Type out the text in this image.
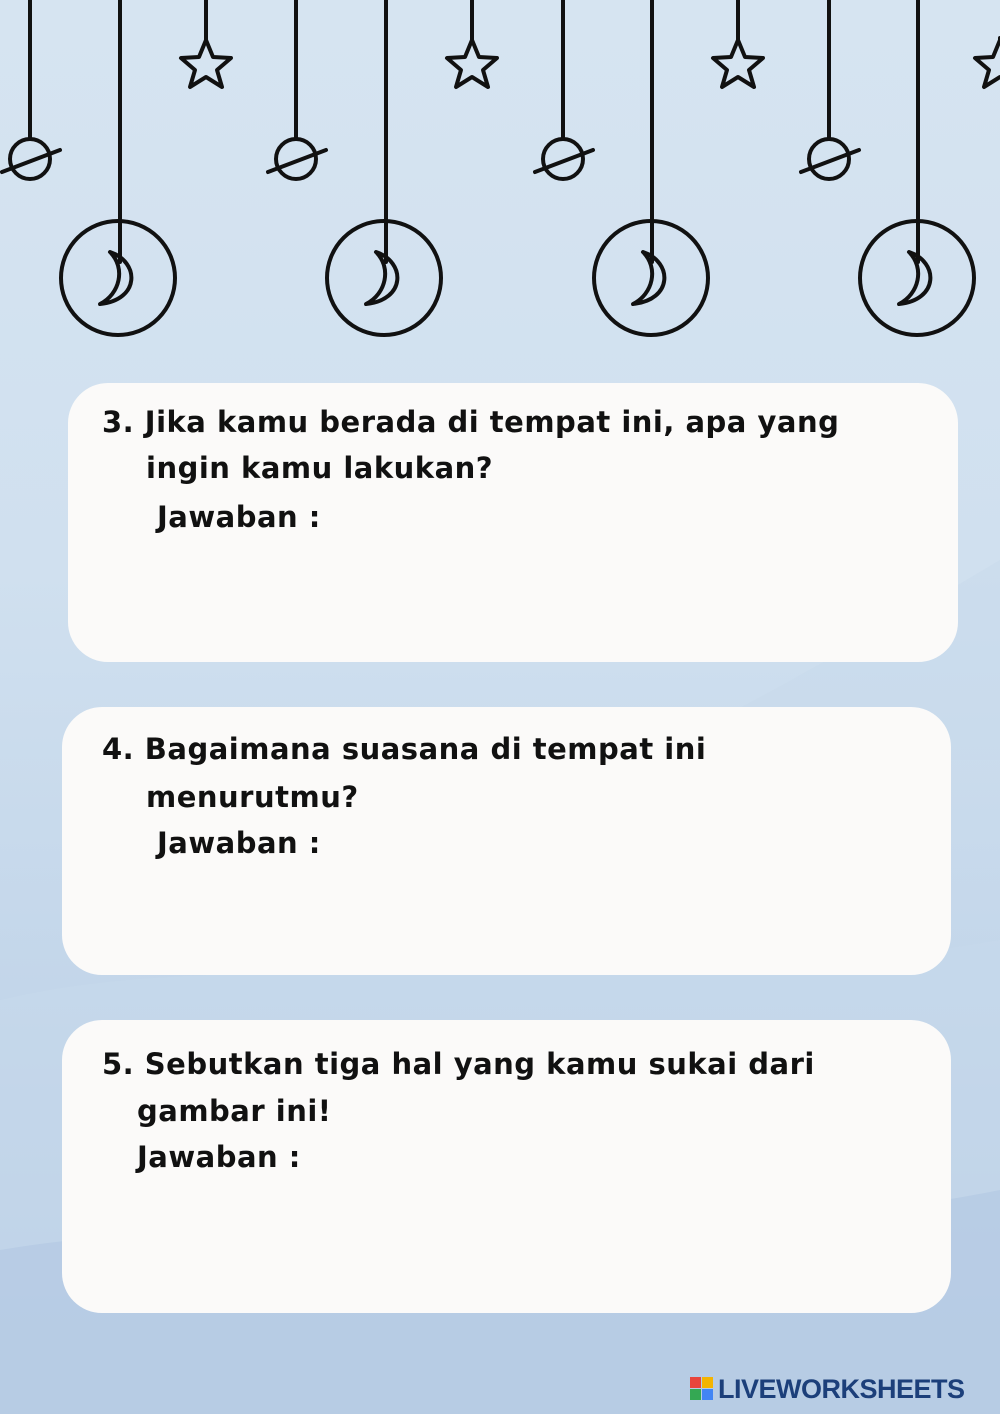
3. Jika kamu berada di tempat ini, apa yang
ingin kamu lakukan?
Jawaban :
4. Bagaimana suasana di tempat ini
menurutmu?
Jawaban :
5. Sebutkan tiga hal yang kamu sukai dari
gambar ini!
Jawaban :
LIVEWORKSHEETS
